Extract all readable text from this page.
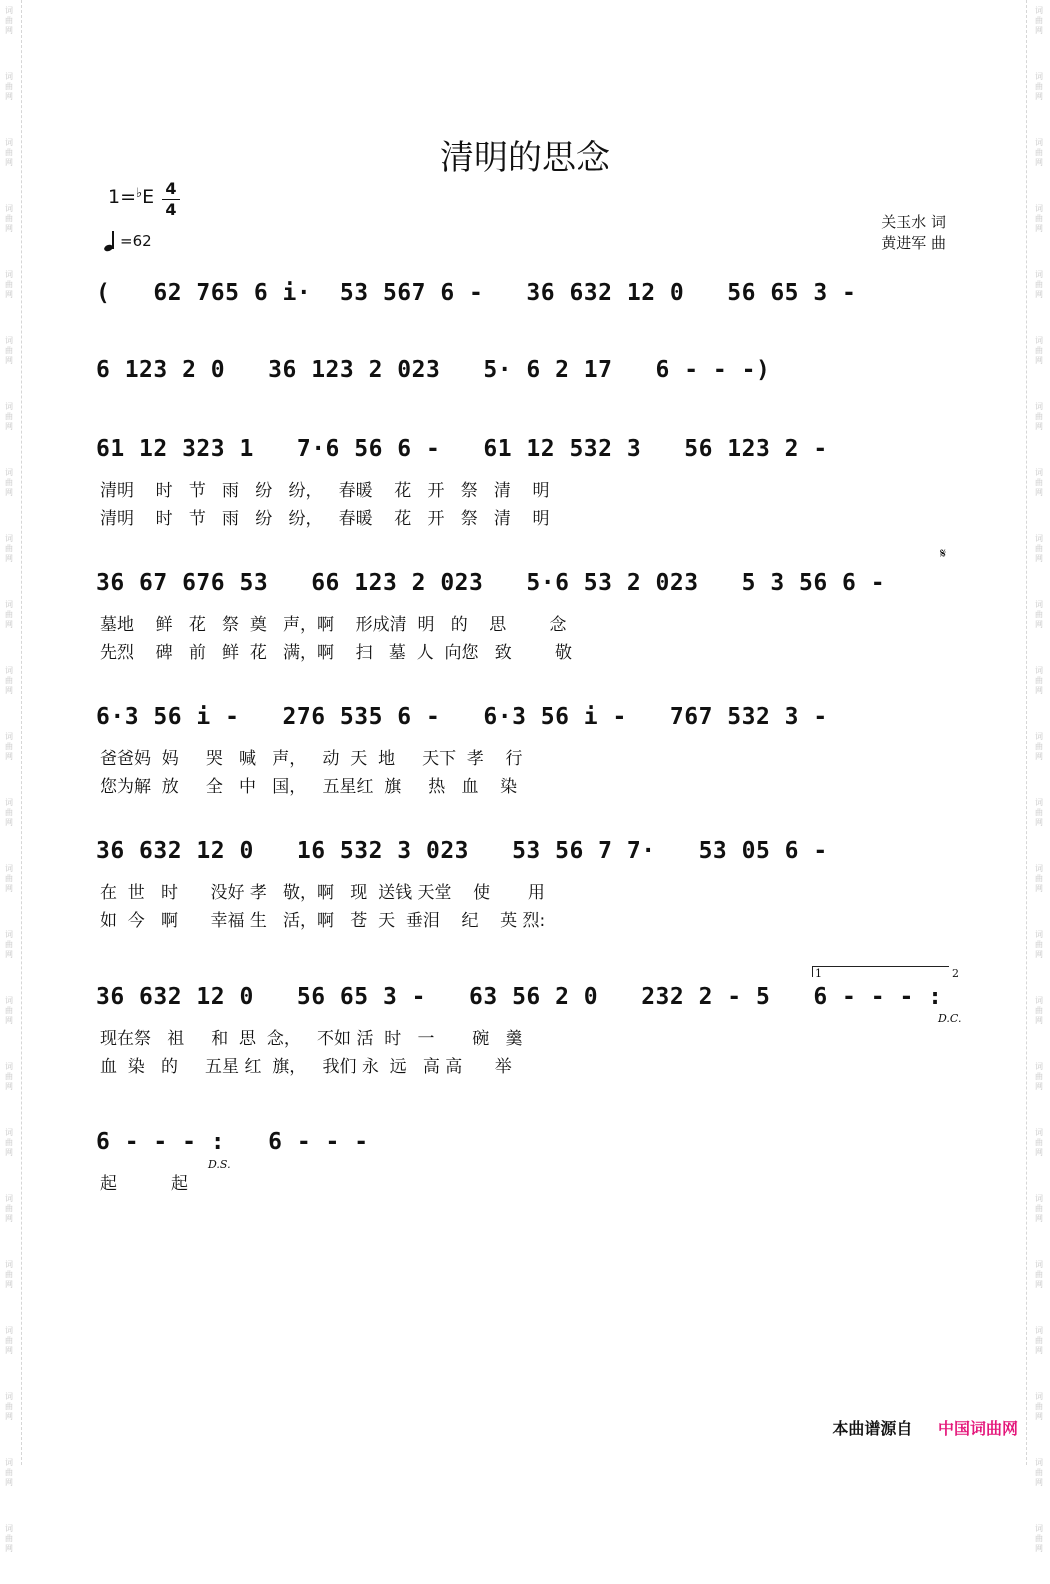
词
曲
网
词
曲
网
词
曲
网
词
曲
网
词
曲
网
词
曲
网
词
曲
网
词
曲
网
词
曲
网
词
曲
网
词
曲
网
词
曲
网
词
曲
网
词
曲
网
词
曲
网
词
曲
网
词
曲
网
词
曲
网
词
曲
网
词
曲
网
词
曲
网
词
曲
网
词
曲
网
词
曲
网
词
曲
网
词
曲
网
词
曲
网
词
曲
网
词
曲
网
词
曲
网
词
曲
网
词
曲
网
词
曲
网
词
曲
网
词
曲
网
词
曲
网
词
曲
网
词
曲
网
词
曲
网
词
曲
网
词
曲
网
词
曲
网
词
曲
网
词
曲
网
词
曲
网
词
曲
网
词
曲
网
词
曲
网
清明的思念
1=♭E 4
4
=62
关玉水 词
黄进军 曲
(   62 765 6 i·  53 567 6 -   36 632 12 0   56 65 3 -
6 123 2 0   36 123 2 023   5· 6 2 17   6 - - -)
61 12 323 1   7·6 56 6 -   61 12 532 3   56 123 2 -
清明    时   节   雨   纷   纷，   春暖    花   开   祭   清    明
清明    时   节   雨   纷   纷，   春暖    花   开   祭   清    明
36 67 676 53   66 123 2 023   5·6 53 2 023   5 3 56 6 -
墓地    鲜   花   祭  奠   声，啊    形成清  明   的    思        念
先烈    碑   前   鲜  花   满，啊    扫   墓  人  向您   致        敬
6·3 56 i -   276 535 6 -   6·3 56 i -   767 532 3 -
爸爸妈  妈     哭   喊   声，   动  天  地     天下  孝    行
您为解  放     全   中   国，   五星红  旗     热   血    染
36 632 12 0   16 532 3 023   53 56 7 7·   53 05 6 -
在  世   时      没好 孝   敬，啊   现  送钱 天堂    使       用
如  今   啊      幸福 生   活，啊   苍  天  垂泪    纪    英 烈:
36 632 12 0   56 65 3 -   63 56 2 0   232 2 - 5   6 - - - :
现在祭   祖     和  思  念，   不如 活  时   一       碗   羹
血  染   的     五星 红  旗，   我们 永  远   高 高      举
6 - - - :   6 - - -
起          起
𝄋
1	2
D.C.
D.S.
本曲谱源自 中国词曲网
